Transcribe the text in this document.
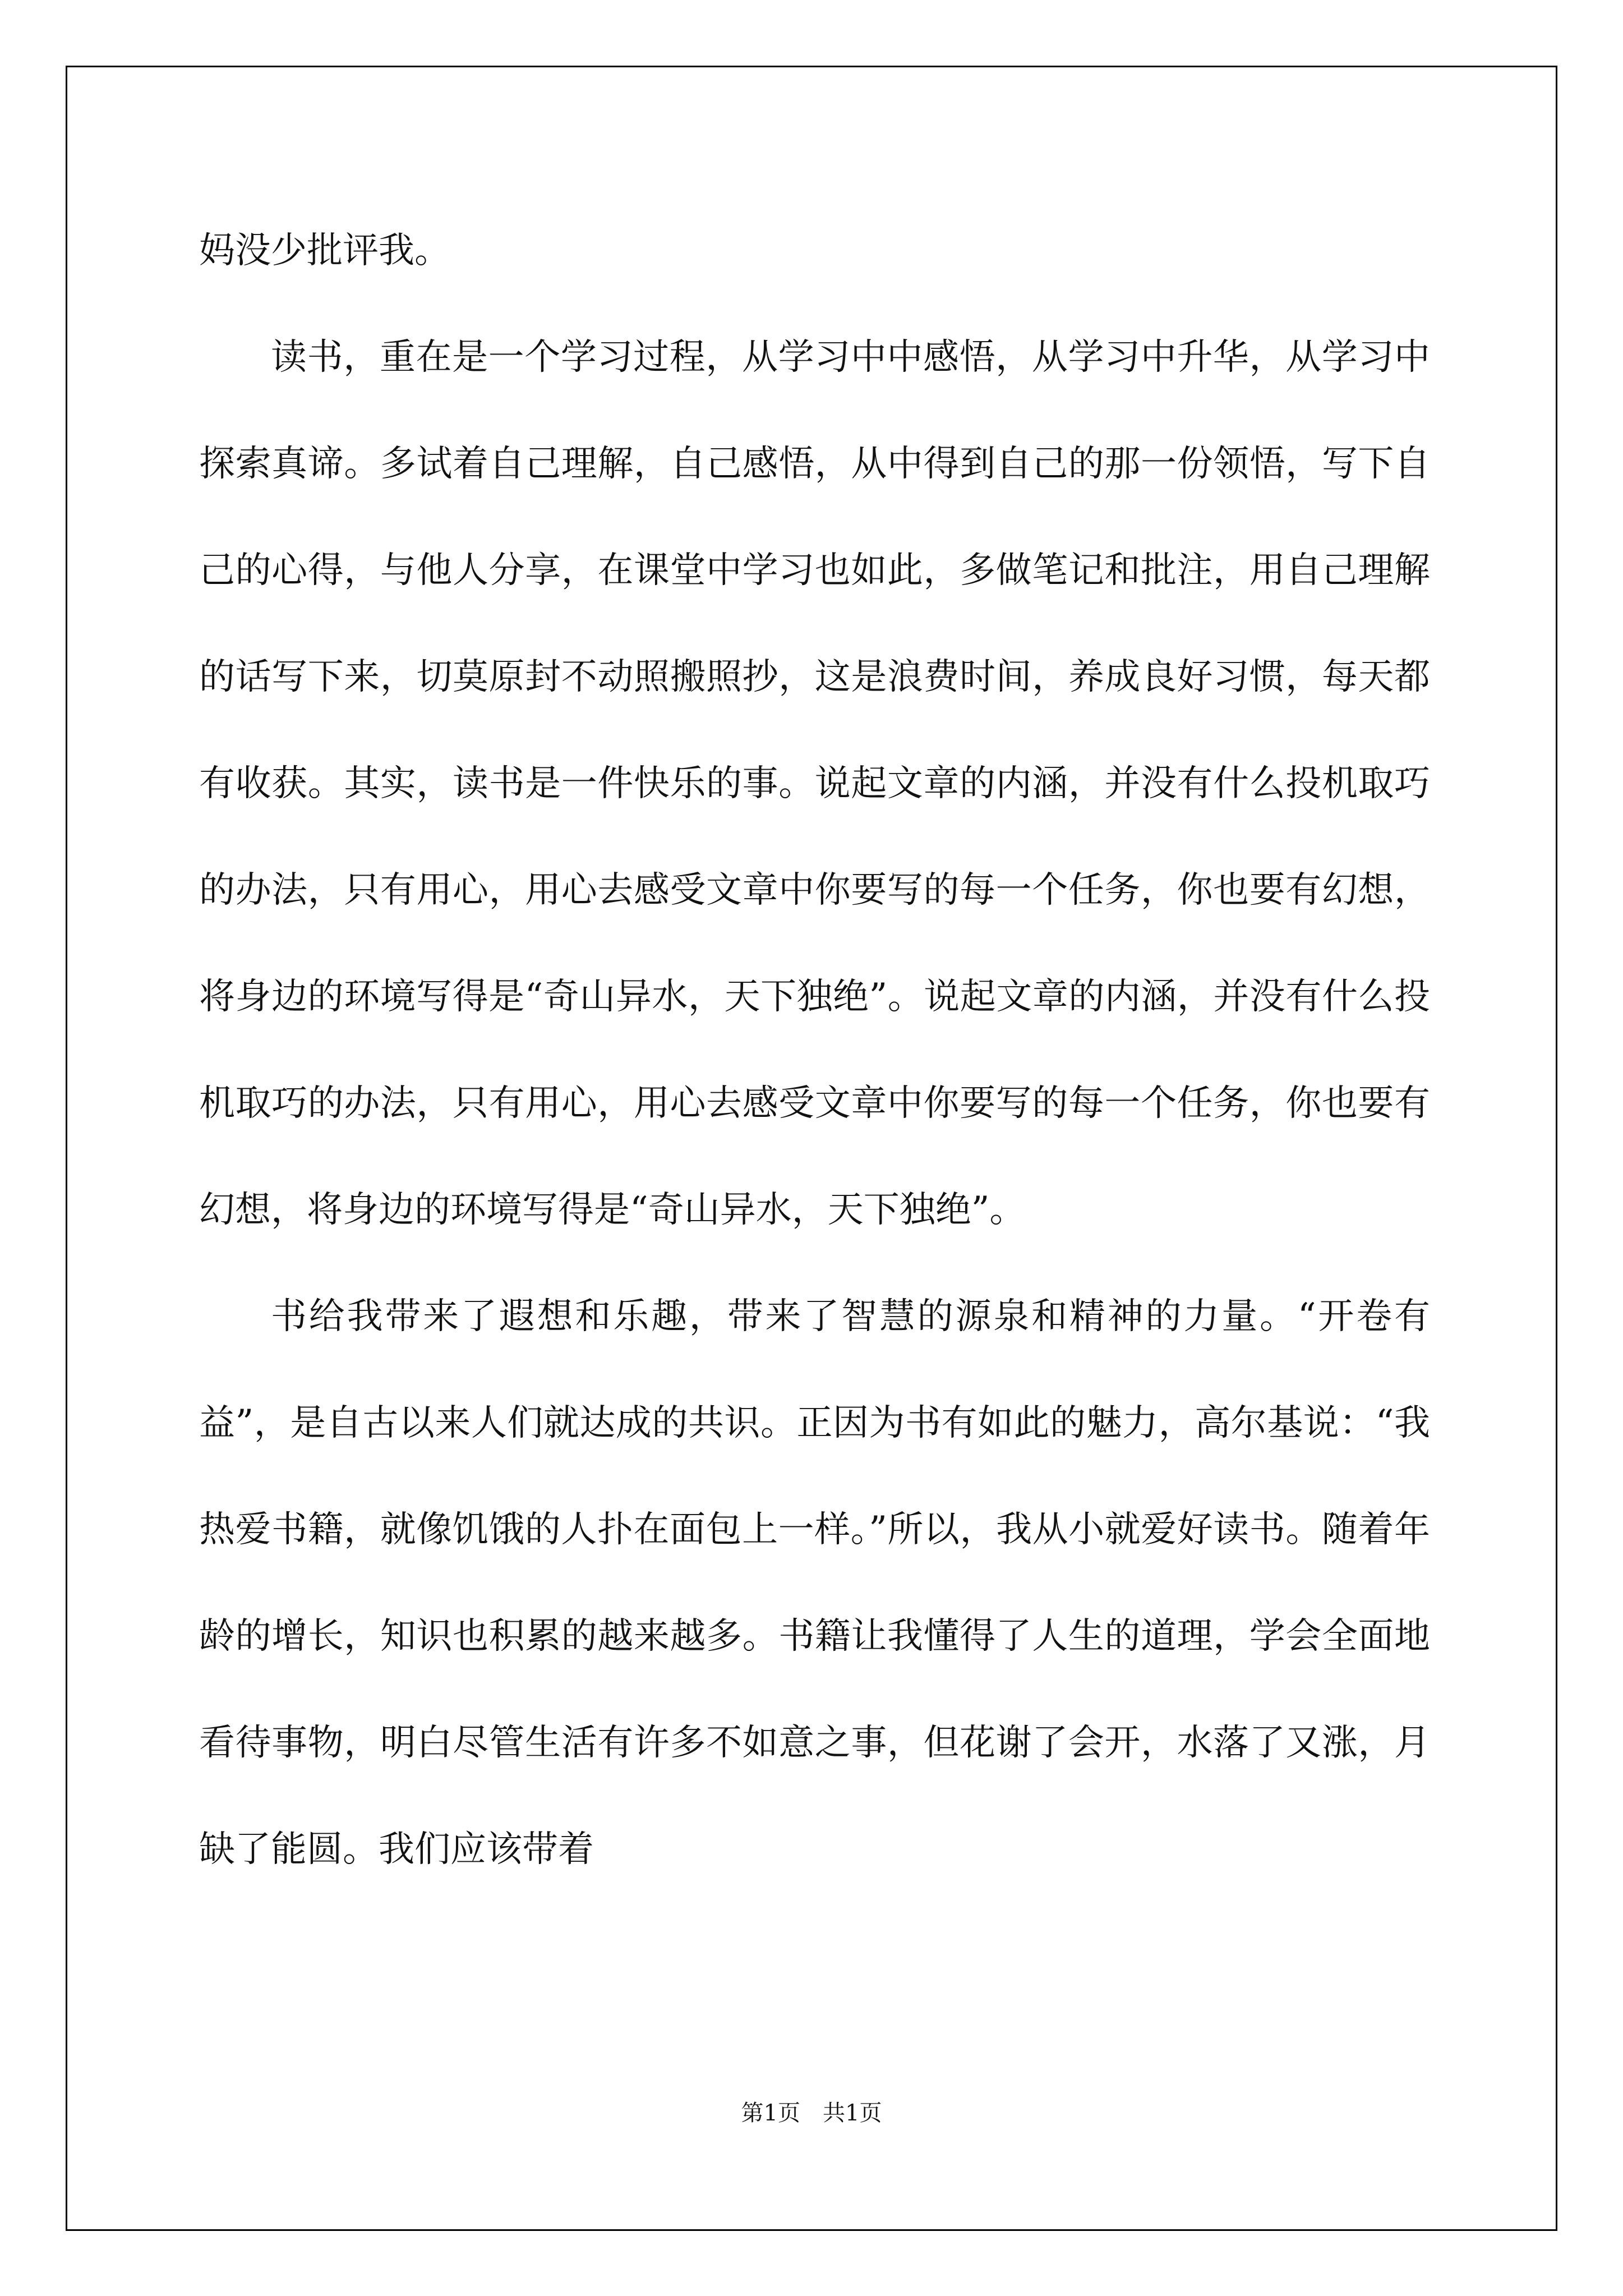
妈没少批评我。

读书，重在是一个学习过程，从学习中中感悟，从学习中升华，从学习中探索真谛。多试着自己理解，自己感悟，从中得到自己的那一份领悟，写下自己的心得，与他人分享，在课堂中学习也如此，多做笔记和批注，用自己理解的话写下来，切莫原封不动照搬照抄，这是浪费时间，养成良好习惯，每天都有收获。其实，读书是一件快乐的事。说起文章的内涵，并没有什么投机取巧的办法，只有用心，用心去感受文章中你要写的每一个任务，你也要有幻想，将身边的环境写得是“奇山异水，天下独绝”。说起文章的内涵，并没有什么投机取巧的办法，只有用心，用心去感受文章中你要写的每一个任务，你也要有幻想，将身边的环境写得是“奇山异水，天下独绝”。

书给我带来了遐想和乐趣，带来了智慧的源泉和精神的力量。“开卷有益”，是自古以来人们就达成的共识。正因为书有如此的魅力，高尔基说：“我热爱书籍，就像饥饿的人扑在面包上一样。”所以，我从小就爱好读书。随着年龄的增长，知识也积累的越来越多。书籍让我懂得了人生的道理，学会全面地看待事物，明白尽管生活有许多不如意之事，但花谢了会开，水落了又涨，月缺了能圆。我们应该带着

第1页　共1页
